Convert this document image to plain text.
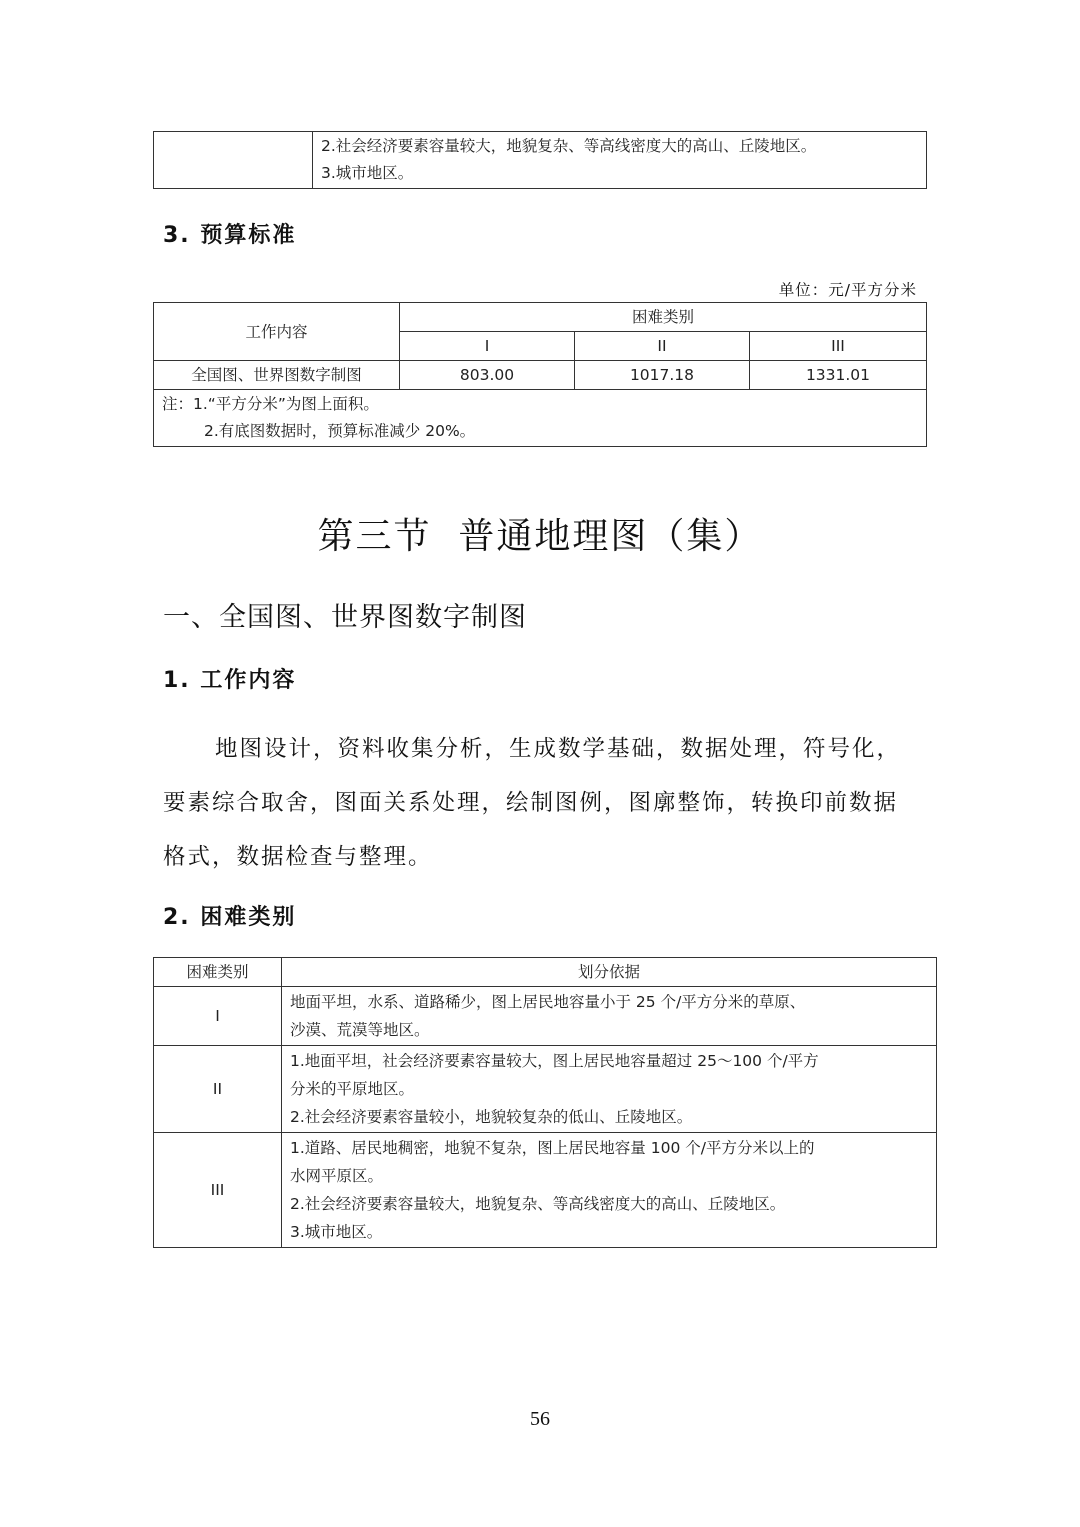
2.社会经济要素容量较大，地貌复杂、等高线密度大的高山、丘陵地区。
3.城市地区。
3. 预算标准
单位：元/平方分米
工作内容	困难类别		
	I	II	III
全国图、世界图数字制图	803.00	1017.18	1331.01

注：1.“平方分米”为图上面积。
2.有底图数据时，预算标准减少 20%。			
第三节  普通地理图（集）
一、全国图、世界图数字制图
1. 工作内容
地图设计，资料收集分析，生成数学基础，数据处理，符号化，
要素综合取舍，图面关系处理，绘制图例，图廓整饰，转换印前数据
格式，数据检查与整理。
2. 困难类别
困难类别	划分依据
I	地面平坦，水系、道路稀少，图上居民地容量小于 25 个/平方分米的草原、
沙漠、荒漠等地区。

II	1.地面平坦，社会经济要素容量较大，图上居民地容量超过 25～100 个/平方
分米的平原地区。
2.社会经济要素容量较小，地貌较复杂的低山、丘陵地区。

III	1.道路、居民地稠密，地貌不复杂，图上居民地容量 100 个/平方分米以上的
水网平原区。
2.社会经济要素容量较大，地貌复杂、等高线密度大的高山、丘陵地区。
3.城市地区。
56
